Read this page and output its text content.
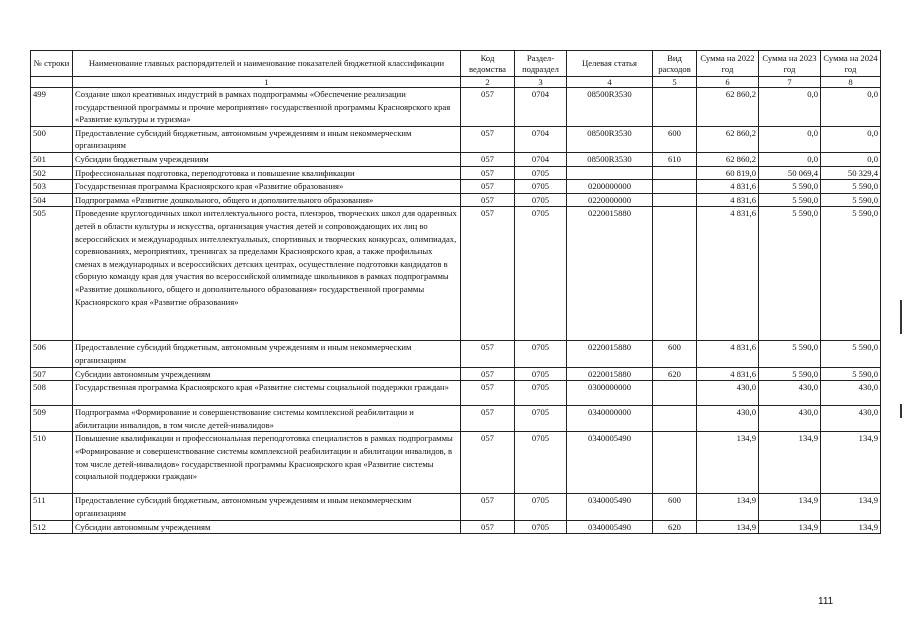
№ строки	Наименование главных распорядителей и наименование показателей бюджетной классификации	Код ведомства	Раздел-подраздел	Целевая статья	Вид расходов	Сумма на 2022 год	Сумма на 2023 год	Сумма на 2024 год
	1	2	3	4	5	6	7	8
499	Создание школ креативных индустрий в рамках подпрограммы «Обеспечение реализации государственной программы и прочие мероприятия» государственной программы Красноярского края «Развитие культуры и туризма»	057	0704	08500R3530		62 860,2	0,0	0,0
500	Предоставление субсидий бюджетным, автономным учреждениям и иным некоммерческим организациям	057	0704	08500R3530	600	62 860,2	0,0	0,0
501	Субсидии бюджетным учреждениям	057	0704	08500R3530	610	62 860,2	0,0	0,0
502	Профессиональная подготовка, переподготовка и повышение квалификации	057	0705			60 819,0	50 069,4	50 329,4
503	Государственная программа Красноярского края «Развитие образования»	057	0705	0200000000		4 831,6	5 590,0	5 590,0
504	Подпрограмма «Развитие дошкольного, общего и дополнительного образования»	057	0705	0220000000		4 831,6	5 590,0	5 590,0
505	Проведение круглогодичных школ интеллектуального роста, пленэров, творческих школ для одаренных детей в области культуры и искусства, организация участия детей и сопровождающих их лиц во всероссийских и международных интеллектуальных, спортивных и творческих конкурсах, олимпиадах, соревнованиях, мероприятиях, тренингах за пределами Красноярского края, а также профильных сменах в международных и всероссийских детских центрах, осуществление подготовки кандидатов в сборную команду края для участия во всероссийской олимпиаде школьников в рамках подпрограммы «Развитие дошкольного, общего и дополнительного образования» государственной программы Красноярского края «Развитие образования»	057	0705	0220015880		4 831,6	5 590,0	5 590,0
506	Предоставление субсидий бюджетным, автономным учреждениям и иным некоммерческим организациям	057	0705	0220015880	600	4 831,6	5 590,0	5 590,0
507	Субсидии автономным учреждениям	057	0705	0220015880	620	4 831,6	5 590,0	5 590,0
508	Государственная программа Красноярского края «Развитие системы социальной поддержки граждан»	057	0705	0300000000		430,0	430,0	430,0
509	Подпрограмма «Формирование и совершенствование системы комплексной реабилитации и абилитации инвалидов, в том числе детей-инвалидов»	057	0705	0340000000		430,0	430,0	430,0
510	Повышение квалификации и профессиональная переподготовка специалистов в рамках подпрограммы «Формирование и совершенствование системы комплексной реабилитации и абилитации инвалидов, в том числе детей-инвалидов» государственной программы Красноярского края «Развитие системы социальной поддержки граждан»	057	0705	0340005490		134,9	134,9	134,9
511	Предоставление субсидий бюджетным, автономным учреждениям и иным некоммерческим организациям	057	0705	0340005490	600	134,9	134,9	134,9
512	Субсидии автономным учреждениям	057	0705	0340005490	620	134,9	134,9	134,9
111
